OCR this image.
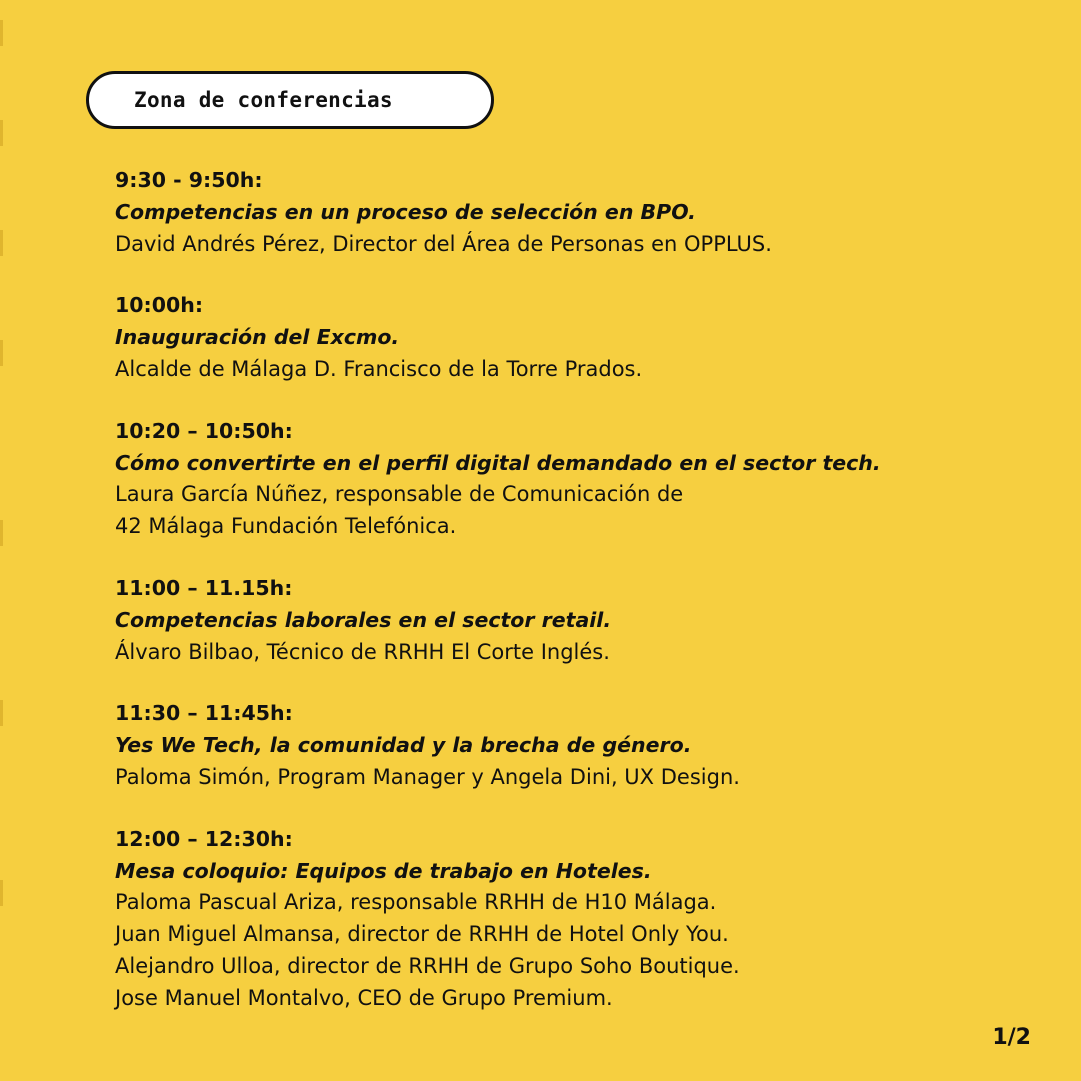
Zona de conferencias
9:30 - 9:50h:
Competencias en un proceso de selección en BPO.
David Andrés Pérez, Director del Área de Personas en OPPLUS.
10:00h:
Inauguración del Excmo.
Alcalde de Málaga D. Francisco de la Torre Prados.
10:20 – 10:50h:
Cómo convertirte en el perfil digital demandado en el sector tech.
Laura García Núñez, responsable de Comunicación de
42 Málaga Fundación Telefónica.
11:00 – 11.15h:
Competencias laborales en el sector retail.
Álvaro Bilbao, Técnico de RRHH El Corte Inglés.
11:30 – 11:45h:
Yes We Tech, la comunidad y la brecha de género.
Paloma Simón, Program Manager y Angela Dini, UX Design.
12:00 – 12:30h:
Mesa coloquio: Equipos de trabajo en Hoteles.
Paloma Pascual Ariza, responsable RRHH de H10 Málaga.
Juan Miguel Almansa, director de RRHH de Hotel Only You.
Alejandro Ulloa, director de RRHH de Grupo Soho Boutique.
Jose Manuel Montalvo, CEO de Grupo Premium.
1/2
